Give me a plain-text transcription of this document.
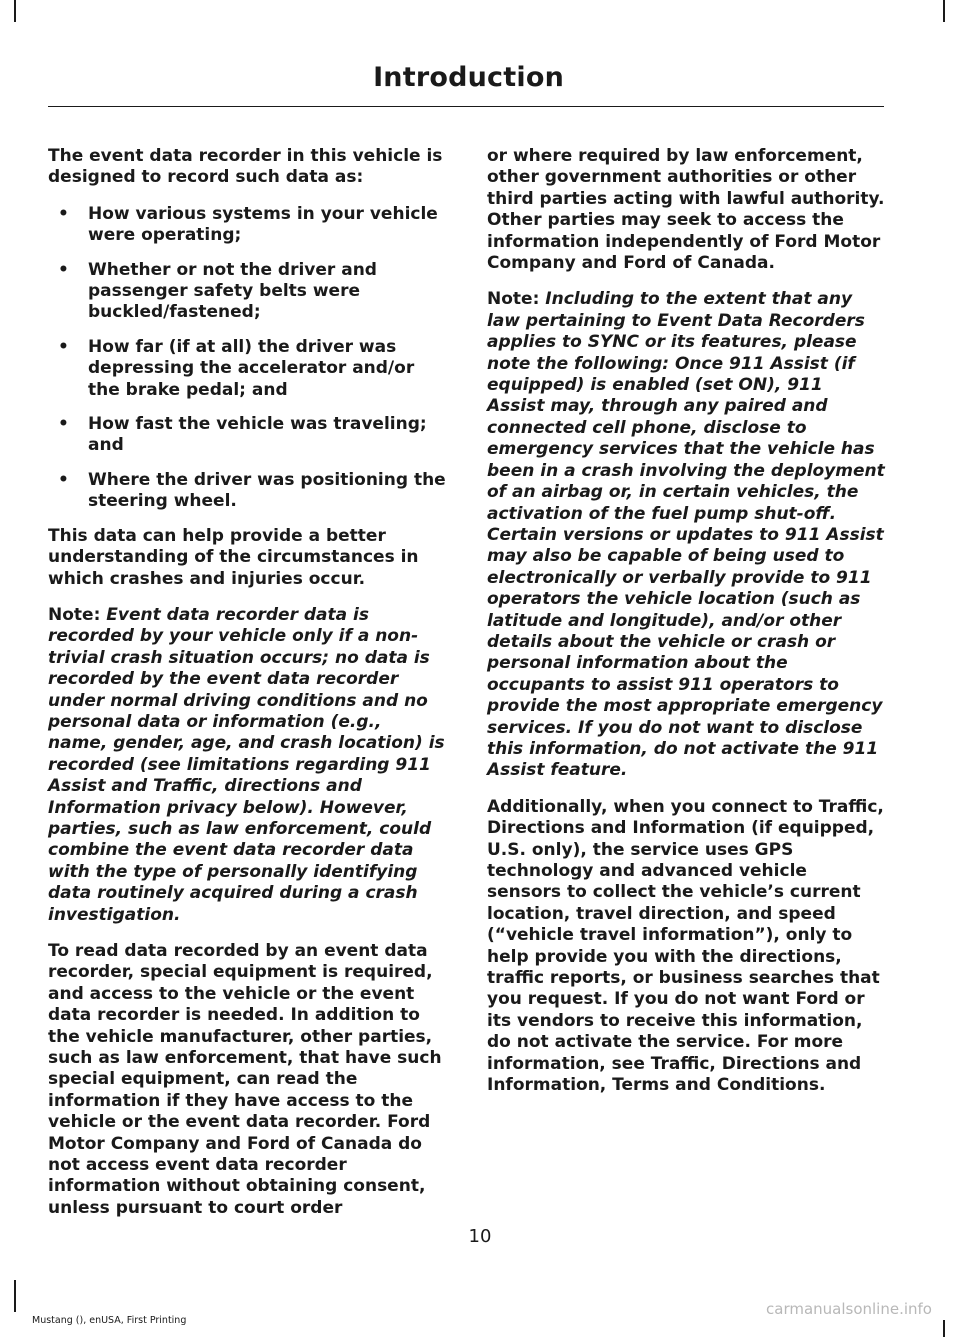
Introduction

The event data recorder in this vehicle is designed to record such data as:

• How various systems in your vehicle were operating;
• Whether or not the driver and passenger safety belts were buckled/fastened;
• How far (if at all) the driver was depressing the accelerator and/or the brake pedal; and
• How fast the vehicle was traveling; and
• Where the driver was positioning the steering wheel.

This data can help provide a better understanding of the circumstances in which crashes and injuries occur.

Note: Event data recorder data is recorded by your vehicle only if a non-trivial crash situation occurs; no data is recorded by the event data recorder under normal driving conditions and no personal data or information (e.g., name, gender, age, and crash location) is recorded (see limitations regarding 911 Assist and Traffic, directions and Information privacy below). However, parties, such as law enforcement, could combine the event data recorder data with the type of personally identifying data routinely acquired during a crash investigation.

To read data recorded by an event data recorder, special equipment is required, and access to the vehicle or the event data recorder is needed. In addition to the vehicle manufacturer, other parties, such as law enforcement, that have such special equipment, can read the information if they have access to the vehicle or the event data recorder. Ford Motor Company and Ford of Canada do not access event data recorder information without obtaining consent, unless pursuant to court order

or where required by law enforcement, other government authorities or other third parties acting with lawful authority. Other parties may seek to access the information independently of Ford Motor Company and Ford of Canada.

Note: Including to the extent that any law pertaining to Event Data Recorders applies to SYNC or its features, please note the following: Once 911 Assist (if equipped) is enabled (set ON), 911 Assist may, through any paired and connected cell phone, disclose to emergency services that the vehicle has been in a crash involving the deployment of an airbag or, in certain vehicles, the activation of the fuel pump shut-off. Certain versions or updates to 911 Assist may also be capable of being used to electronically or verbally provide to 911 operators the vehicle location (such as latitude and longitude), and/or other details about the vehicle or crash or personal information about the occupants to assist 911 operators to provide the most appropriate emergency services. If you do not want to disclose this information, do not activate the 911 Assist feature.

Additionally, when you connect to Traffic, Directions and Information (if equipped, U.S. only), the service uses GPS technology and advanced vehicle sensors to collect the vehicle’s current location, travel direction, and speed (“vehicle travel information”), only to help provide you with the directions, traffic reports, or business searches that you request. If you do not want Ford or its vendors to receive this information, do not activate the service. For more information, see Traffic, Directions and Information, Terms and Conditions.

10
Mustang (), enUSA, First Printing
carmanualsonline.info
